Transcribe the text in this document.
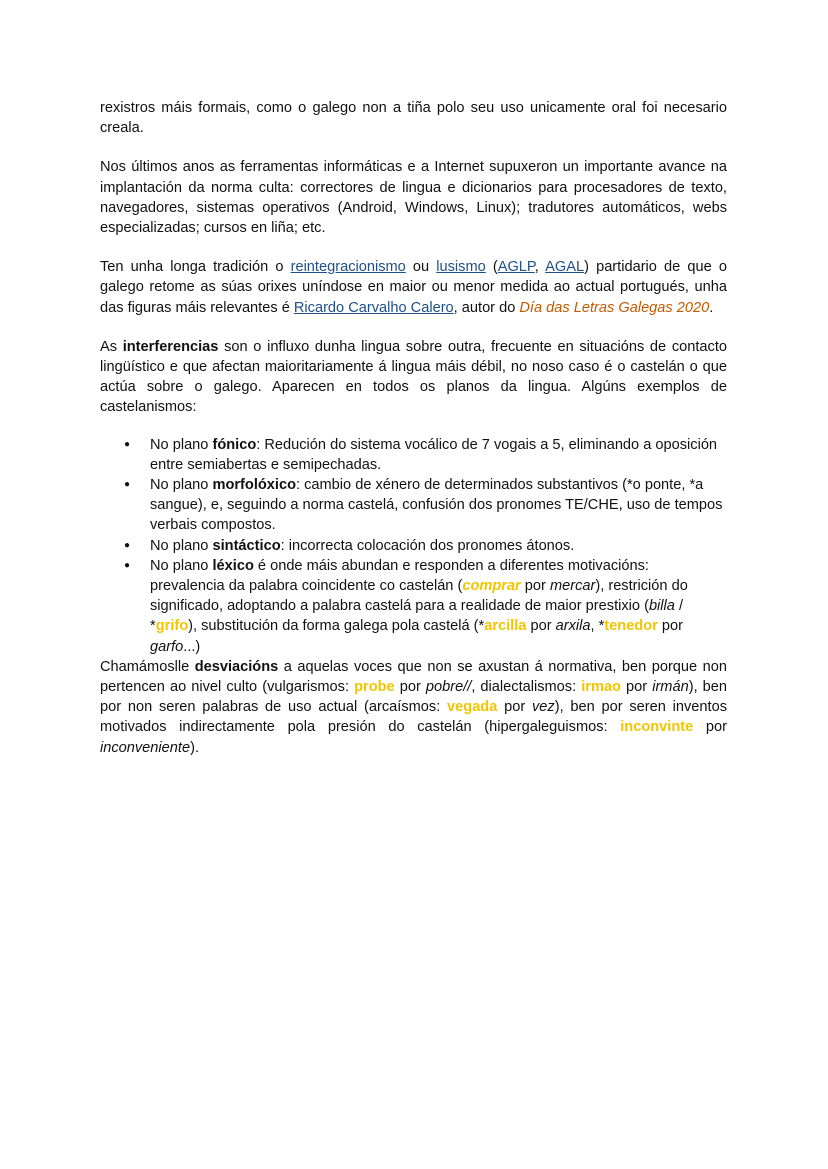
rexistros máis formais, como o galego non a tiña polo seu uso unicamente oral foi necesario creala.

Nos últimos anos as ferramentas informáticas e a Internet supuxeron un importante avance na implantación da norma culta: correctores de lingua e dicionarios para procesadores de texto, navegadores, sistemas operativos (Android, Windows, Linux); tradutores automáticos, webs especializadas; cursos en liña; etc.

Ten unha longa tradición o reintegracionismo ou lusismo (AGLP, AGAL) partidario de que o galego retome as súas orixes uníndose en maior ou menor medida ao actual portugués, unha das figuras máis relevantes é Ricardo Carvalho Calero, autor do Día das Letras Galegas 2020.

As interferencias son o influxo dunha lingua sobre outra, frecuente en situacións de contacto lingüístico e que afectan maioritariamente á lingua máis débil, no noso caso é o castelán o que actúa sobre o galego. Aparecen en todos os planos da lingua. Algúns exemplos de castelanismos:

● No plano fónico: Redución do sistema vocálico de 7 vogais a 5, eliminando a oposición entre semiabertas e semipechadas.
● No plano morfolóxico: cambio de xénero de determinados substantivos (*o ponte, *a sangue), e, seguindo a norma castelá, confusión dos pronomes TE/CHE, uso de tempos verbais compostos.
● No plano sintáctico: incorrecta colocación dos pronomes átonos.
● No plano léxico é onde máis abundan e responden a diferentes motivacións: prevalencia da palabra coincidente co castelán (comprar por mercar), restrición do significado, adoptando a palabra castelá para a realidade de maior prestixio (billa / *grifo), substitución da forma galega pola castelá (*arcilla por arxila, *tenedor por garfo...)

Chamámoslle desviacións a aquelas voces que non se axustan á normativa, ben porque non pertencen ao nivel culto (vulgarismos: probe por pobre//, dialectalismos: irmao por irmán), ben por non seren palabras de uso actual (arcaísmos: vegada por vez), ben por seren inventos motivados indirectamente pola presión do castelán (hipergaleguismos: inconvinte por inconveniente).
